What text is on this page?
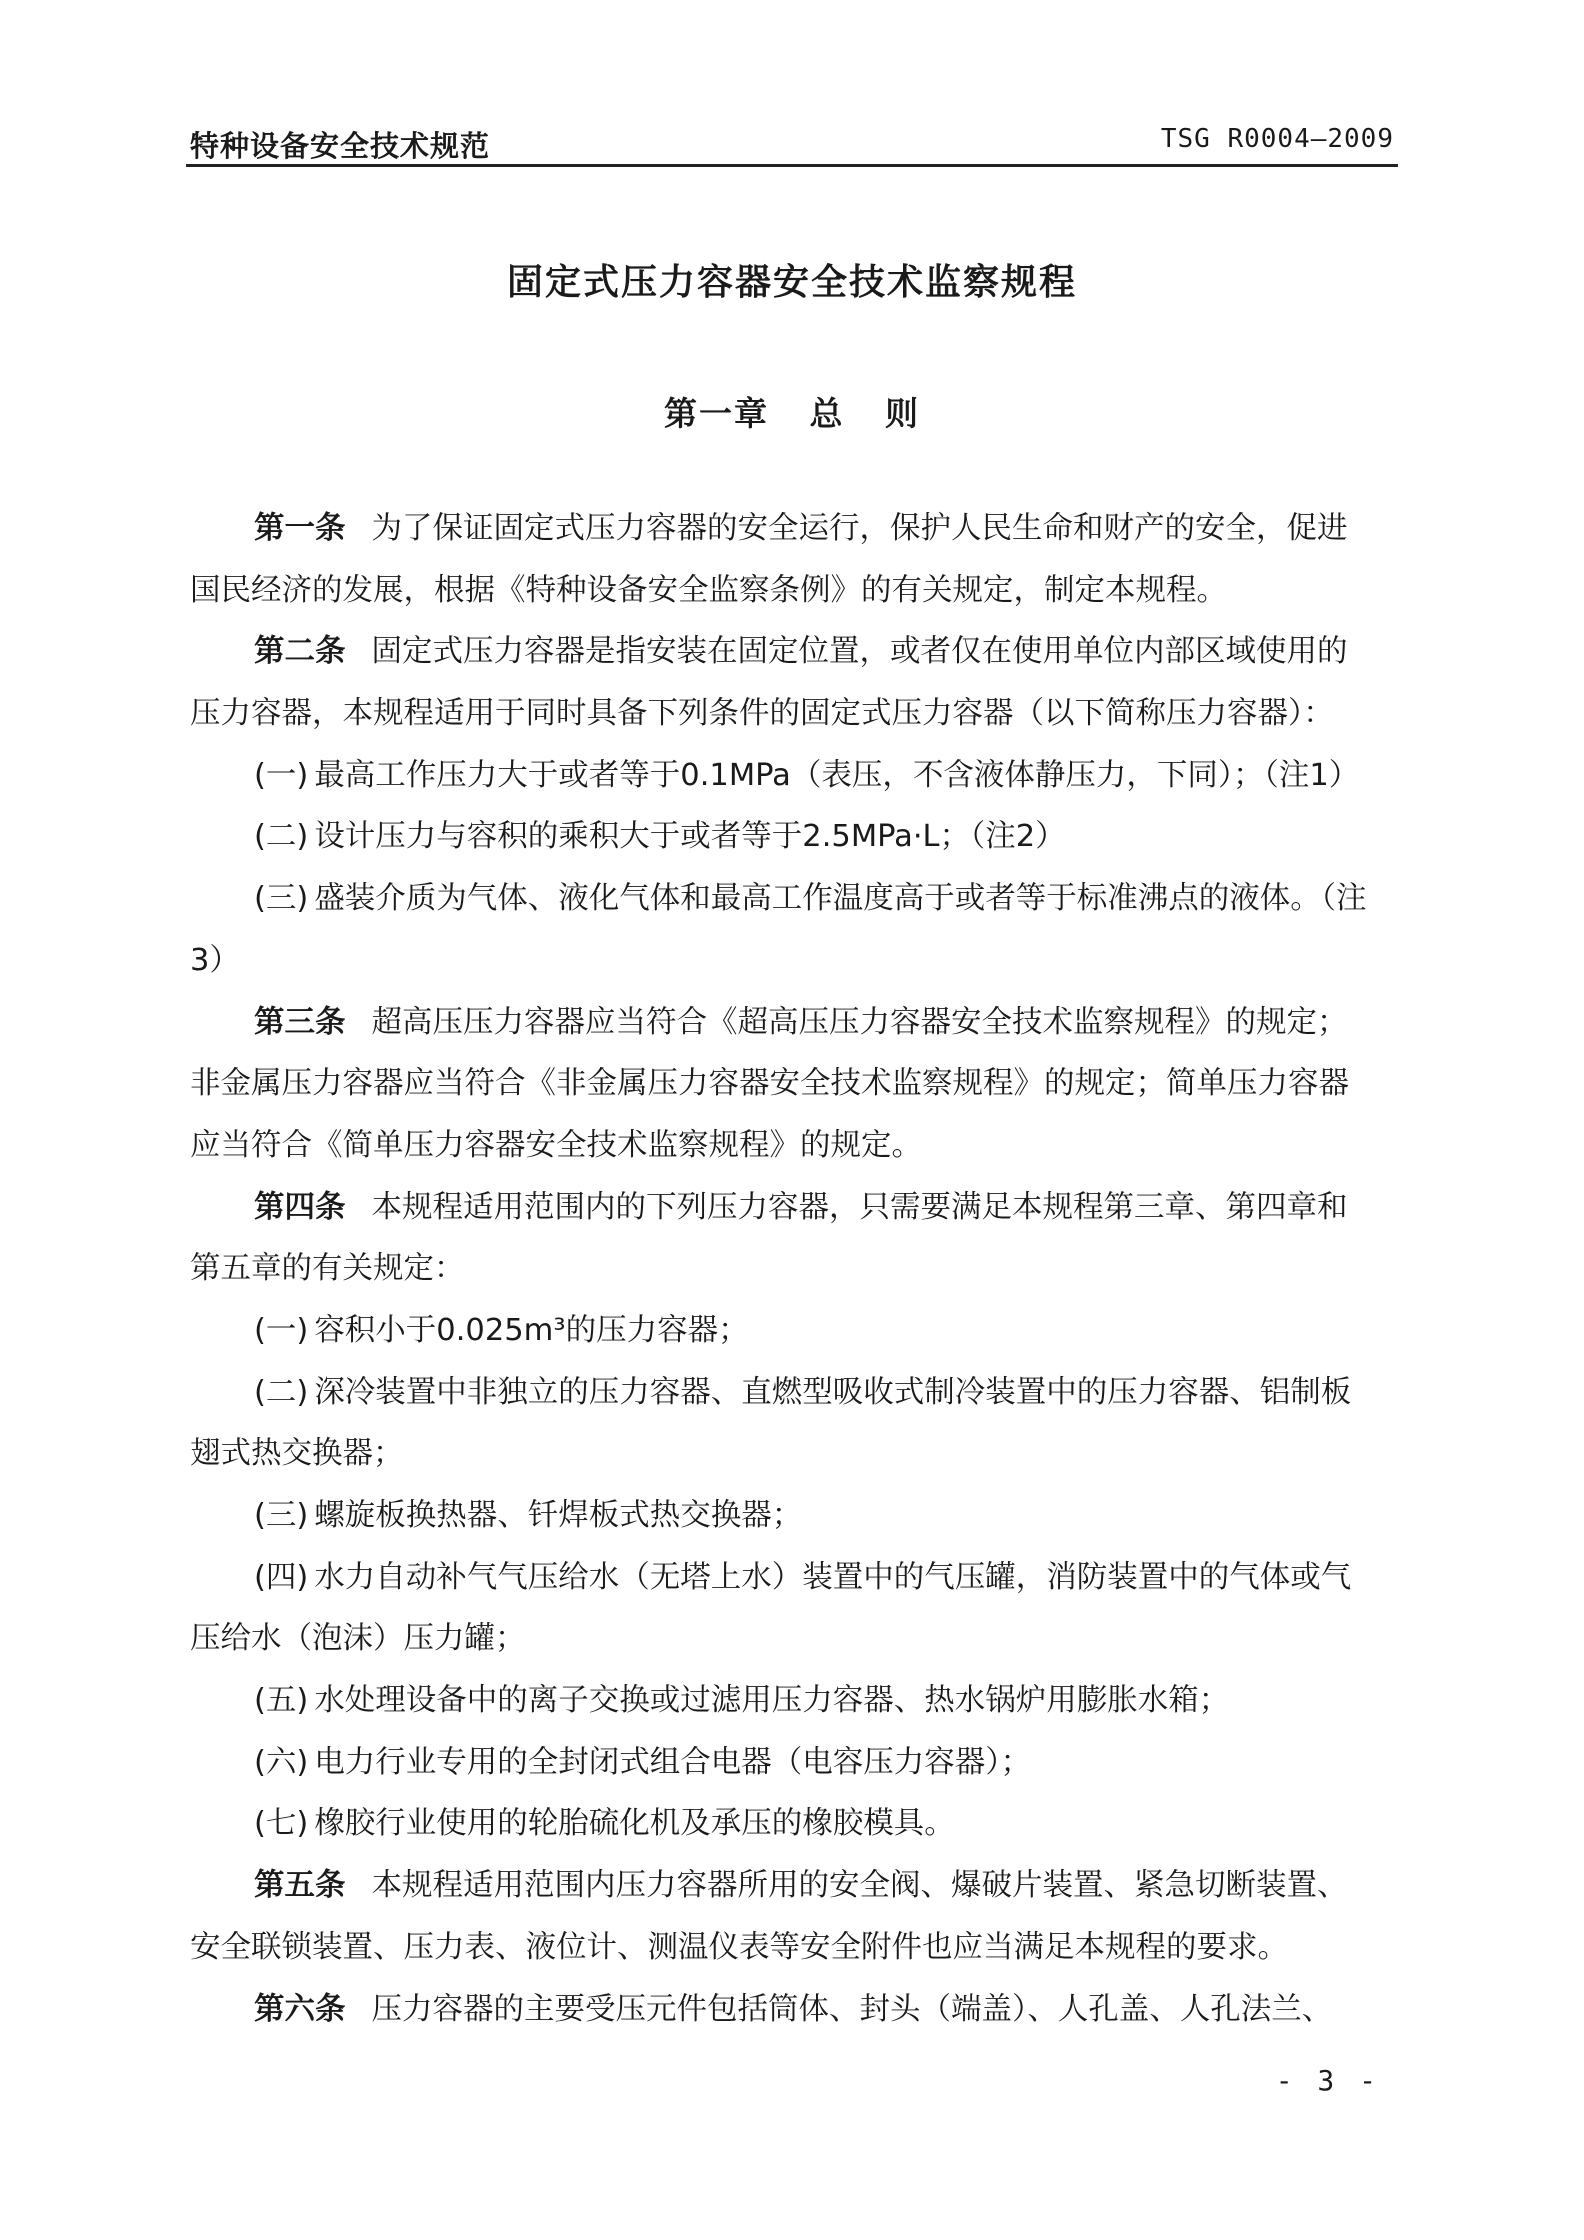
特种设备安全技术规范	TSG R0004—2009
固定式压力容器安全技术监察规程
第一章   总   则
第一条 为了保证固定式压力容器的安全运行，保护人民生命和财产的安全，促进
国民经济的发展，根据《特种设备安全监察条例》的有关规定，制定本规程。
第二条 固定式压力容器是指安装在固定位置，或者仅在使用单位内部区域使用的
压力容器，本规程适用于同时具备下列条件的固定式压力容器（以下简称压力容器）：
(一) 最高工作压力大于或者等于0.1MPa（表压，不含液体静压力，下同）；（注1）
(二) 设计压力与容积的乘积大于或者等于2.5MPa·L；（注2）
(三) 盛装介质为气体、液化气体和最高工作温度高于或者等于标准沸点的液体。（注
3）
第三条 超高压压力容器应当符合《超高压压力容器安全技术监察规程》的规定；
非金属压力容器应当符合《非金属压力容器安全技术监察规程》的规定；简单压力容器
应当符合《简单压力容器安全技术监察规程》的规定。
第四条 本规程适用范围内的下列压力容器，只需要满足本规程第三章、第四章和
第五章的有关规定：
(一) 容积小于0.025m³的压力容器；
(二) 深冷装置中非独立的压力容器、直燃型吸收式制冷装置中的压力容器、铝制板
翅式热交换器；
(三) 螺旋板换热器、钎焊板式热交换器；
(四) 水力自动补气气压给水（无塔上水）装置中的气压罐，消防装置中的气体或气
压给水（泡沫）压力罐；
(五) 水处理设备中的离子交换或过滤用压力容器、热水锅炉用膨胀水箱；
(六) 电力行业专用的全封闭式组合电器（电容压力容器）；
(七) 橡胶行业使用的轮胎硫化机及承压的橡胶模具。
第五条 本规程适用范围内压力容器所用的安全阀、爆破片装置、紧急切断装置、
安全联锁装置、压力表、液位计、测温仪表等安全附件也应当满足本规程的要求。
第六条 压力容器的主要受压元件包括筒体、封头（端盖）、人孔盖、人孔法兰、
- 3 -
